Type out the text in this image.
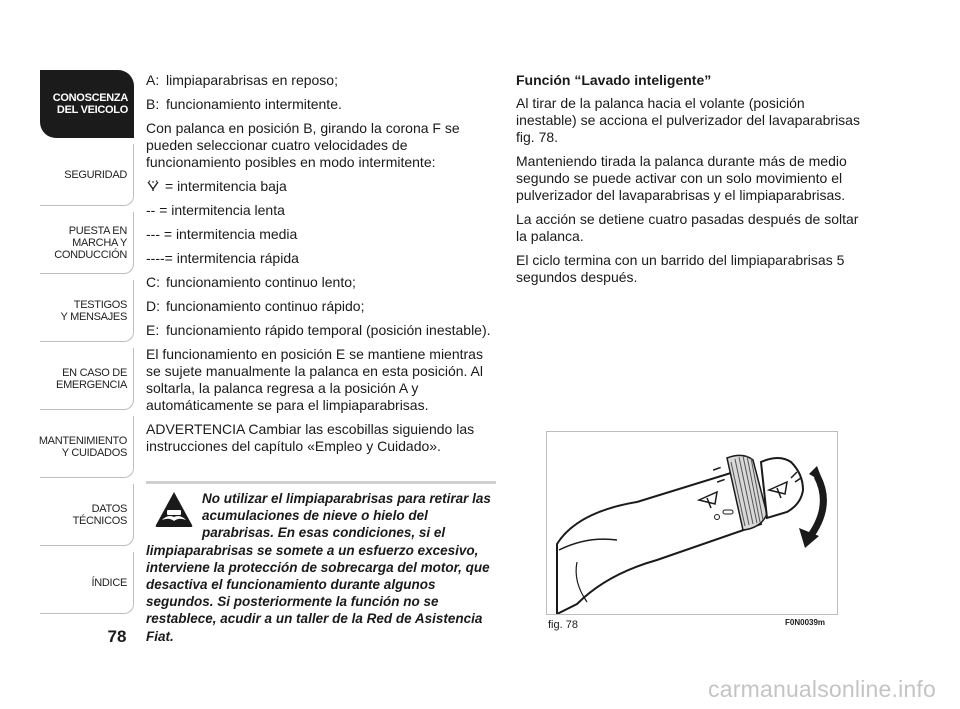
CONOSCENZA
DEL VEICOLO
SEGURIDAD
PUESTA EN
MARCHA Y
CONDUCCIÓN
TESTIGOS
Y MENSAJES
EN CASO DE
EMERGENCIA
MANTENIMIENTO
Y CUIDADOS
DATOS
TÉCNICOS
ÍNDICE
78

A: limpiaparabrisas en reposo;

B: funcionamiento intermitente.

Con palanca en posición B, girando la corona F se pueden seleccionar cuatro velocidades de funcionamiento posibles en modo intermitente:

= intermitencia baja

-- = intermitencia lenta

--- = intermitencia media

----= intermitencia rápida

C: funcionamiento continuo lento;

D: funcionamiento continuo rápido;

E: funcionamiento rápido temporal (posición inestable).

El funcionamiento en posición E se mantiene mientras se sujete manualmente la palanca en esta posición. Al soltarla, la palanca regresa a la posición A y automáticamente se para el limpiaparabrisas.

ADVERTENCIA Cambiar las escobillas siguiendo las instrucciones del capítulo «Empleo y Cuidado».

No utilizar el limpiaparabrisas para retirar las acumulaciones de nieve o hielo del parabrisas. En esas condiciones, si el limpiaparabrisas se somete a un esfuerzo excesivo, interviene la protección de sobrecarga del motor, que desactiva el funcionamiento durante algunos segundos. Si posteriormente la función no se restablece, acudir a un taller de la Red de Asistencia Fiat.

Función “Lavado inteligente”

Al tirar de la palanca hacia el volante (posición inestable) se acciona el pulverizador del lavaparabrisas fig. 78.

Manteniendo tirada la palanca durante más de medio segundo se puede activar con un solo movimiento el pulverizador del lavaparabrisas y el limpiaparabrisas.

La acción se detiene cuatro pasadas después de soltar la palanca.

El ciclo termina con un barrido del limpiaparabrisas 5 segundos después.

fig. 78	F0N0039m
carmanualsonline.info
